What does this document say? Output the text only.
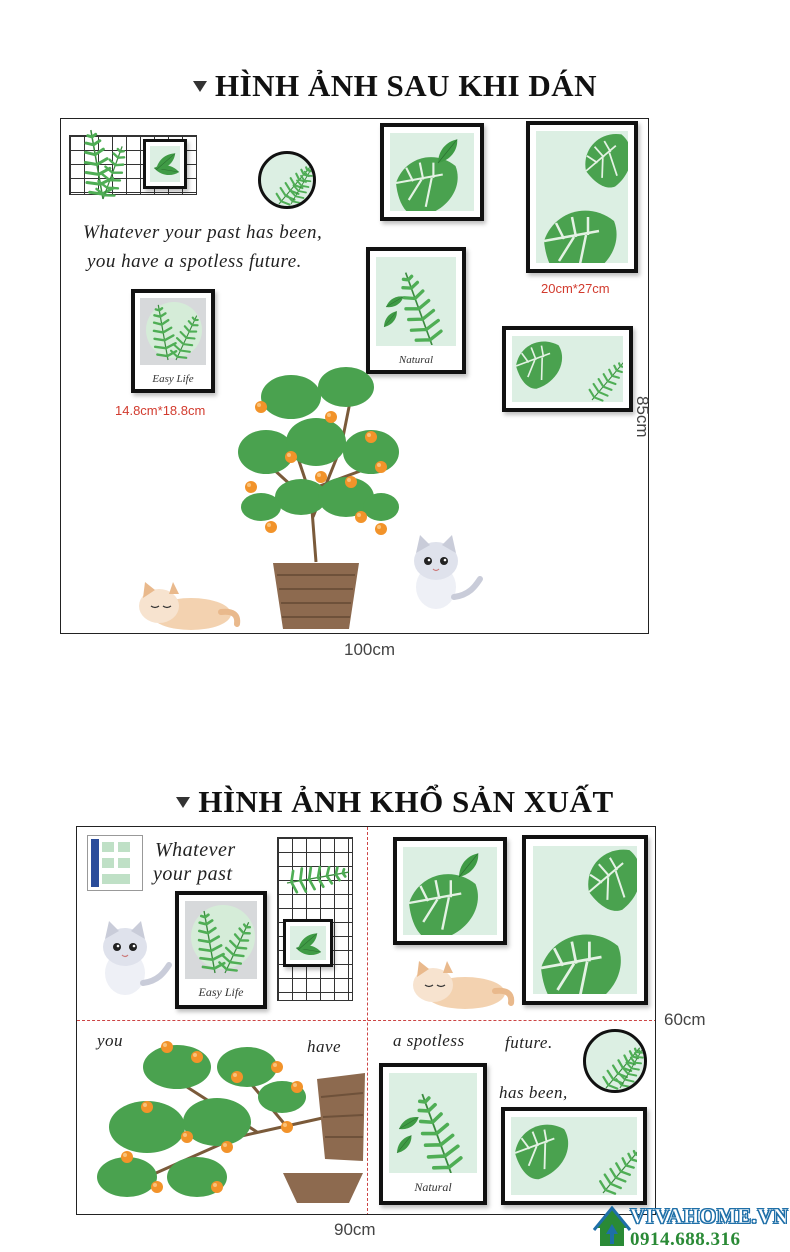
HÌNH ẢNH SAU KHI DÁN
Whatever your past has been,
you have a spotless future.
20cm*27cm
Natural
Easy Life
14.8cm*18.8cm
100cm
85cm
HÌNH ẢNH KHỔ SẢN XUẤT
Whatever
your past
Easy Life
you	have	a spotless future.
has been,
Natural
90cm
60cm
VIVAHOME.VN
0914.688.316
